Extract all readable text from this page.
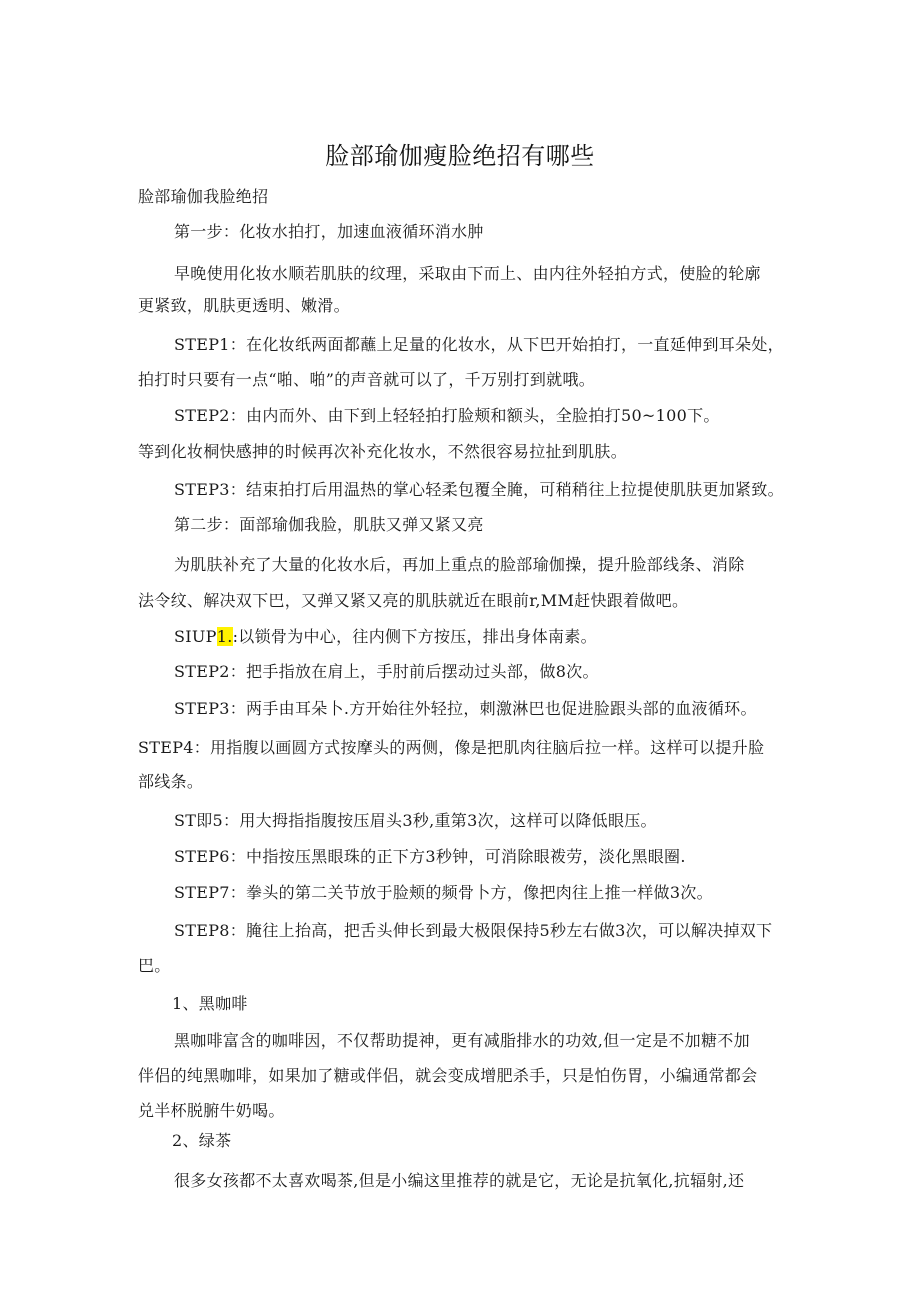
脸部瑜伽瘦脸绝招有哪些
脸部瑜伽我脸绝招
第一步：化妆水拍打，加速血液循环消水肿
早晚使用化妆水顺若肌肤的纹理，采取由下而上、由内往外轻拍方式，使脸的轮廓
更紧致，肌肤更透明、嫩滑。
STEP1：在化妆纸两面都蘸上足量的化妆水，从下巴开始拍打，一直延伸到耳朵处，
拍打时只要有一点“啪、啪”的声音就可以了，千万别打到就哦。
STEP2：由内而外、由下到上轻轻拍打脸颊和额头，全脸拍打50~100下。
等到化妆桐快感抻的时候再次补充化妆水，不然很容易拉扯到肌肤。
STEP3：结束拍打后用温热的掌心轻柔包覆全腌，可稍稍往上拉提使肌肤更加紧致。
第二步：面部瑜伽我脸，肌肤又弹又紧又亮
为肌肤补充了大量的化妆水后，再加上重点的脸部瑜伽操，提升脸部线条、消除
法令纹、解决双下巴，又弹又紧又亮的肌肤就近在眼前r,MM赶快跟着做吧。
SIUP1.:以锁骨为中心，往内侧下方按压，排出身体南素。
STEP2：把手指放在肩上，手肘前后摆动过头部，做8次。
STEP3：两手由耳朵卜.方开始往外轻拉，刺激淋巴也促进脸跟头部的血液循环。
STEP4：用指腹以画圆方式按摩头的两侧，像是把肌肉往脑后拉一样。这样可以提升脸
部线条。
ST即5：用大拇指指腹按压眉头3秒,重第3次，这样可以降低眼压。
STEP6：中指按压黑眼珠的正下方3秒钟，可消除眼袯劳，淡化黑眼圈.
STEP7：拳头的第二关节放于脸颊的频骨卜方，像把肉往上推一样做3次。
STEP8：腌往上抬高，把舌头伸长到最大极限保持5秒左右做3次，可以解决掉双下
巴。
1、黑咖啡
黑咖啡富含的咖啡因，不仅帮助提神，更有减脂排水的功效,但一定是不加糖不加
伴侣的纯黑咖啡，如果加了糖或伴侣，就会变成增肥杀手，只是怕伤胃，小编通常都会
兑半杯脱腑牛奶喝。
2、绿茶
很多女孩都不太喜欢喝茶,但是小编这里推荐的就是它，无论是抗氧化,抗辐射,还
